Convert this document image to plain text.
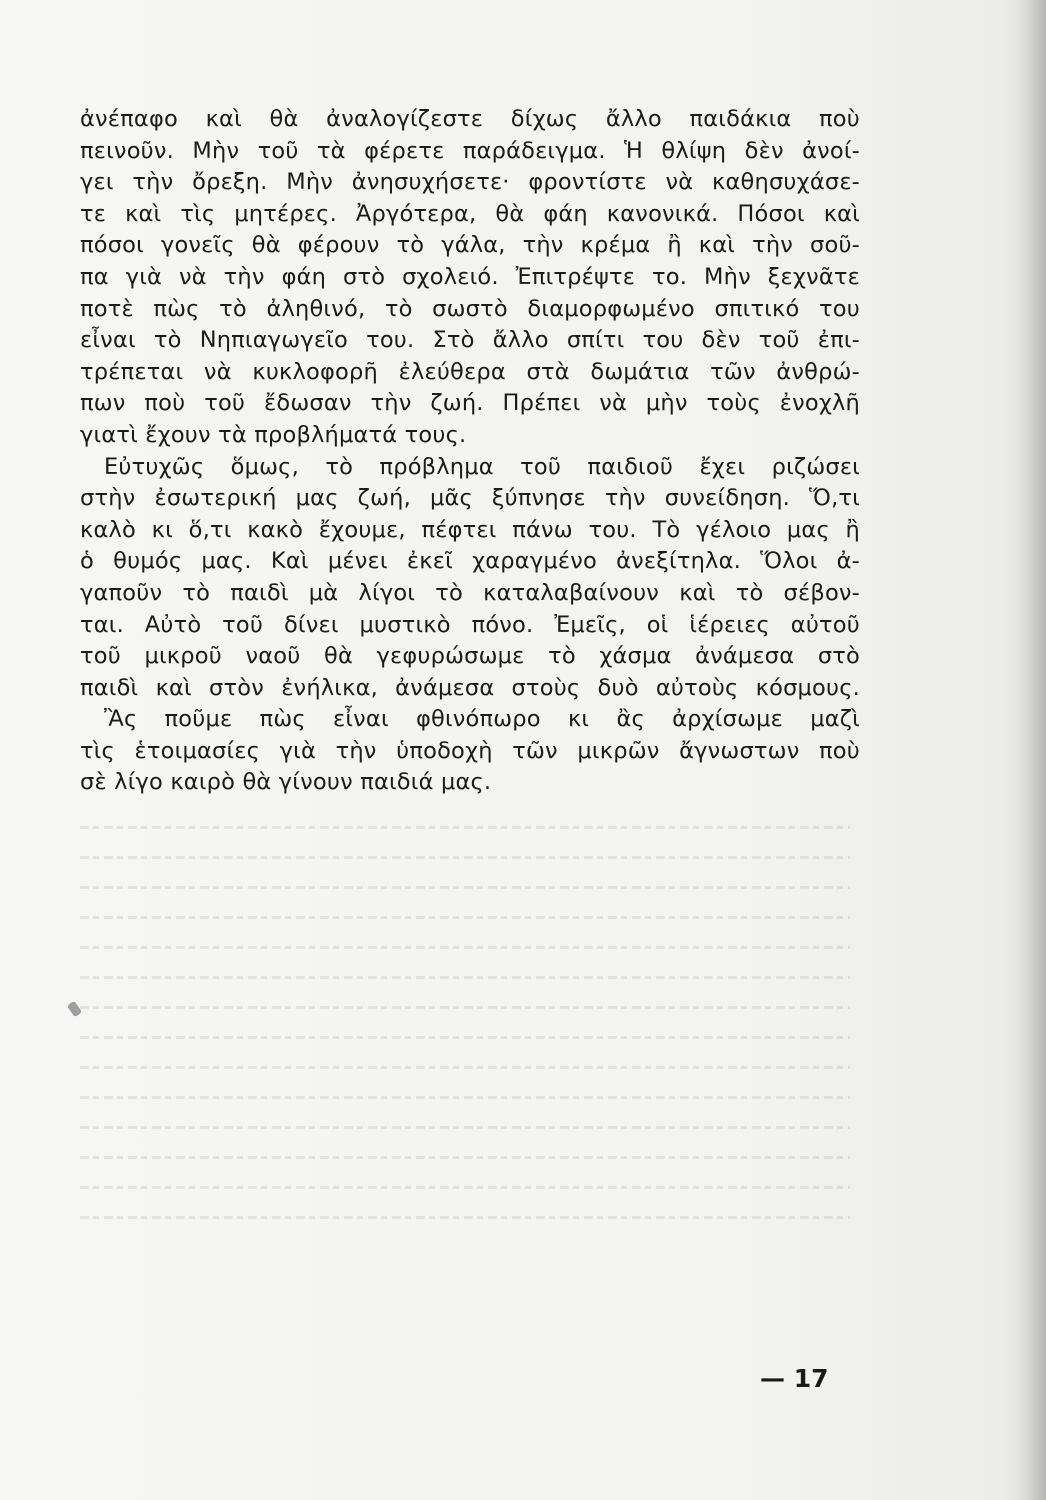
ἀνέπαφο καὶ θὰ ἀναλογίζεστε δίχως ἄλλο παιδάκια ποὺ
πεινοῦν. Μὴν τοῦ τὰ φέρετε παράδειγμα. Ἡ θλίψη δὲν ἀνοί-
γει τὴν ὄρεξη. Μὴν ἀνησυχήσετε· φροντίστε νὰ καθησυχάσε-
τε καὶ τὶς μητέρες. Ἀργότερα, θὰ φάη κανονικά. Πόσοι καὶ
πόσοι γονεῖς θὰ φέρουν τὸ γάλα, τὴν κρέμα ἢ καὶ τὴν σοῦ-
πα γιὰ νὰ τὴν φάη στὸ σχολειό. Ἐπιτρέψτε το. Μὴν ξεχνᾶτε
ποτὲ πὼς τὸ ἀληθινό, τὸ σωστὸ διαμορφωμένο σπιτικό του
εἶναι τὸ Νηπιαγωγεῖο του. Στὸ ἄλλο σπίτι του δὲν τοῦ ἐπι-
τρέπεται νὰ κυκλοφορῆ ἐλεύθερα στὰ δωμάτια τῶν ἀνθρώ-
πων ποὺ τοῦ ἔδωσαν τὴν ζωή. Πρέπει νὰ μὴν τοὺς ἐνοχλῆ
γιατὶ ἔχουν τὰ προβλήματά τους.
Εὐτυχῶς ὅμως, τὸ πρόβλημα τοῦ παιδιοῦ ἔχει ριζώσει
στὴν ἐσωτερική μας ζωή, μᾶς ξύπνησε τὴν συνείδηση. Ὅ,τι
καλὸ κι ὅ,τι κακὸ ἔχουμε, πέφτει πάνω του. Τὸ γέλοιο μας ἢ
ὁ θυμός μας. Καὶ μένει ἐκεῖ χαραγμένο ἀνεξίτηλα. Ὅλοι ἀ-
γαποῦν τὸ παιδὶ μὰ λίγοι τὸ καταλαβαίνουν καὶ τὸ σέβον-
ται. Αὐτὸ τοῦ δίνει μυστικὸ πόνο. Ἐμεῖς, οἱ ἱέρειες αὐτοῦ
τοῦ μικροῦ ναοῦ θὰ γεφυρώσωμε τὸ χάσμα ἀνάμεσα στὸ
παιδὶ καὶ στὸν ἐνήλικα, ἀνάμεσα στοὺς δυὸ αὐτοὺς κόσμους.
Ἂς ποῦμε πὼς εἶναι φθινόπωρο κι ἂς ἀρχίσωμε μαζὶ
τὶς ἑτοιμασίες γιὰ τὴν ὑποδοχὴ τῶν μικρῶν ἄγνωστων ποὺ
σὲ λίγο καιρὸ θὰ γίνουν παιδιά μας.
— 17
